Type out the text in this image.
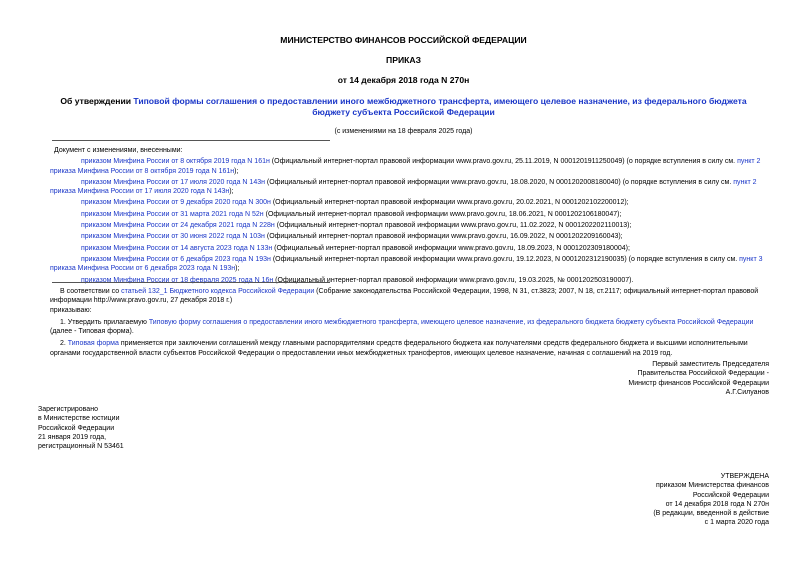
МИНИСТЕРСТВО ФИНАНСОВ РОССИЙСКОЙ ФЕДЕРАЦИИ
ПРИКАЗ
от 14 декабря 2018 года N 270н
Об утверждении Типовой формы соглашения о предоставлении иного межбюджетного трансферта, имеющего целевое назначение, из федерального бюджета бюджету субъекта Российской Федерации
(с изменениями на 18 февраля 2025 года)

Документ с изменениями, внесенными:

приказом Минфина России от 8 октября 2019 года N 161н (Официальный интернет-портал правовой информации www.pravo.gov.ru, 25.11.2019, N 0001201911250049) (о порядке вступления в силу см. пункт 2 приказа Минфина России от 8 октября 2019 года N 161н);

приказом Минфина России от 17 июля 2020 года N 143н (Официальный интернет-портал правовой информации www.pravo.gov.ru, 18.08.2020, N 0001202008180040) (о порядке вступления в силу см. пункт 2 приказа Минфина России от 17 июля 2020 года N 143н);

приказом Минфина России от 9 декабря 2020 года N 300н (Официальный интернет-портал правовой информации www.pravo.gov.ru, 20.02.2021, N 0001202102200012);

приказом Минфина России от 31 марта 2021 года N 52н (Официальный интернет-портал правовой информации www.pravo.gov.ru, 18.06.2021, N 0001202106180047);

приказом Минфина России от 24 декабря 2021 года N 228н (Официальный интернет-портал правовой информации www.pravo.gov.ru, 11.02.2022, N 0001202202110013);

приказом Минфина России от 30 июня 2022 года N 103н (Официальный интернет-портал правовой информации www.pravo.gov.ru, 16.09.2022, N 0001202209160043);

приказом Минфина России от 14 августа 2023 года N 133н (Официальный интернет-портал правовой информации www.pravo.gov.ru, 18.09.2023, N 0001202309180004);

приказом Минфина России от 6 декабря 2023 года N 193н (Официальный интернет-портал правовой информации www.pravo.gov.ru, 19.12.2023, N 0001202312190035) (о порядке вступления в силу см. пункт 3 приказа Минфина России от 6 декабря 2023 года N 193н);

приказом Минфина России от 18 февраля 2025 года N 16н (Официальный интернет-портал правовой информации www.pravo.gov.ru, 19.03.2025, № 0001202503190007).

В соответствии со статьей 132_1 Бюджетного кодекса Российской Федерации (Собрание законодательства Российской Федерации, 1998, N 31, ст.3823; 2007, N 18, ст.2117; официальный интернет-портал правовой информации http://www.pravo.gov.ru, 27 декабря 2018 г.)

приказываю:

1. Утвердить прилагаемую Типовую форму соглашения о предоставлении иного межбюджетного трансферта, имеющего целевое назначение, из федерального бюджета бюджету субъекта Российской Федерации

(далее - Типовая форма).

2. Типовая форма применяется при заключении соглашений между главными распорядителями средств федерального бюджета как получателями средств федерального бюджета и высшими исполнительными органами государственной власти субъектов Российской Федерации о предоставлении иных межбюджетных трансфертов, имеющих целевое назначение, начиная с соглашений на 2019 год.

Первый заместитель Председателя

Правительства Российской Федерации -

Министр финансов Российской Федерации

А.Г.Силуанов

Зарегистрировано

в Министерстве юстиции

Российской Федерации

21 января 2019 года,

регистрационный N 53461

УТВЕРЖДЕНА

приказом Министерства финансов

Российской Федерации

от 14 декабря 2018 года N 270н

(В редакции, введенной в действие

с 1 марта 2020 года
